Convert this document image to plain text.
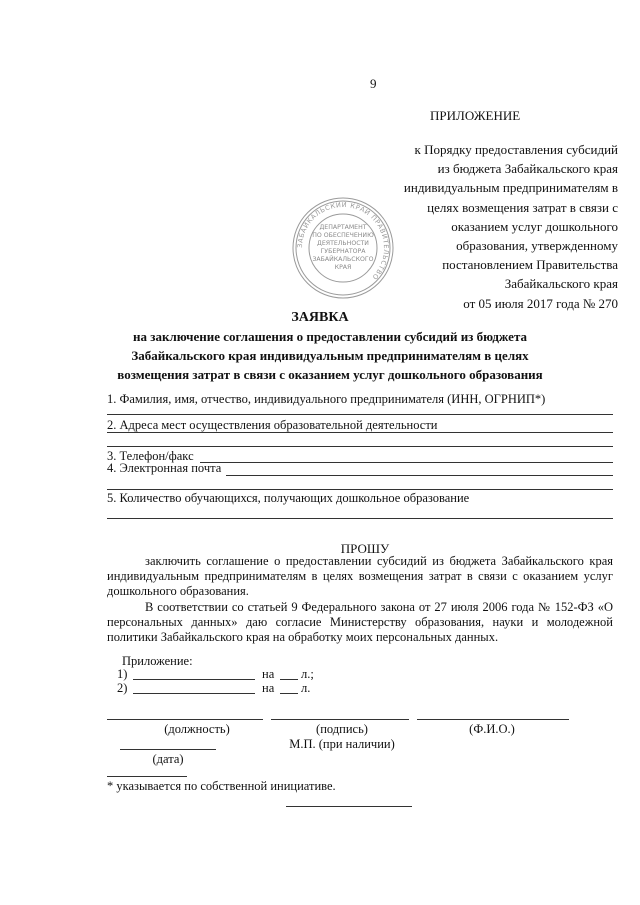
9
ПРИЛОЖЕНИЕ
к Порядку предоставления субсидий
из бюджета Забайкальского края
индивидуальным предпринимателям в
целях возмещения затрат в связи с
оказанием услуг дошкольного
образования, утвержденному
постановлением Правительства
Забайкальского края
от 05 июля 2017 года № 270
ДЕПАРТАМЕНТ
ПО ОБЕСПЕЧЕНИЮ
ДЕЯТЕЛЬНОСТИ
ГУБЕРНАТОРА
ЗАБАЙКАЛЬСКОГО
КРАЯ
ЗАБАЙКАЛЬСКИЙ КРАЙ ПРАВИТЕЛЬСТВО
ЗАЯВКА
на заключение соглашения о предоставлении субсидий из бюджета
Забайкальского края индивидуальным предпринимателям в целях
возмещения затрат в связи с оказанием услуг дошкольного образования
1. Фамилия, имя, отчество, индивидуального предпринимателя (ИНН, ОГРНИП*)
2. Адреса мест осуществления образовательной деятельности
3. Телефон/факс
4. Электронная почта
5. Количество обучающихся, получающих дошкольное образование
ПРОШУ
заключить соглашение о предоставлении субсидий из бюджета Забайкальского края индивидуальным предпринимателям в целях возмещения затрат в связи с оказанием услуг дошкольного образования.
В соответствии со статьей 9 Федерального закона от 27 июля 2006 года № 152-ФЗ «О персональных данных» даю согласие Министерству образования, науки и молодежной политики Забайкальского края на обработку моих персональных данных.
Приложение:
1)	на л.;
2)	на л.
(должность)	(подпись)	(Ф.И.О.)
М.П. (при наличии)
(дата)
* указывается по собственной инициативе.
